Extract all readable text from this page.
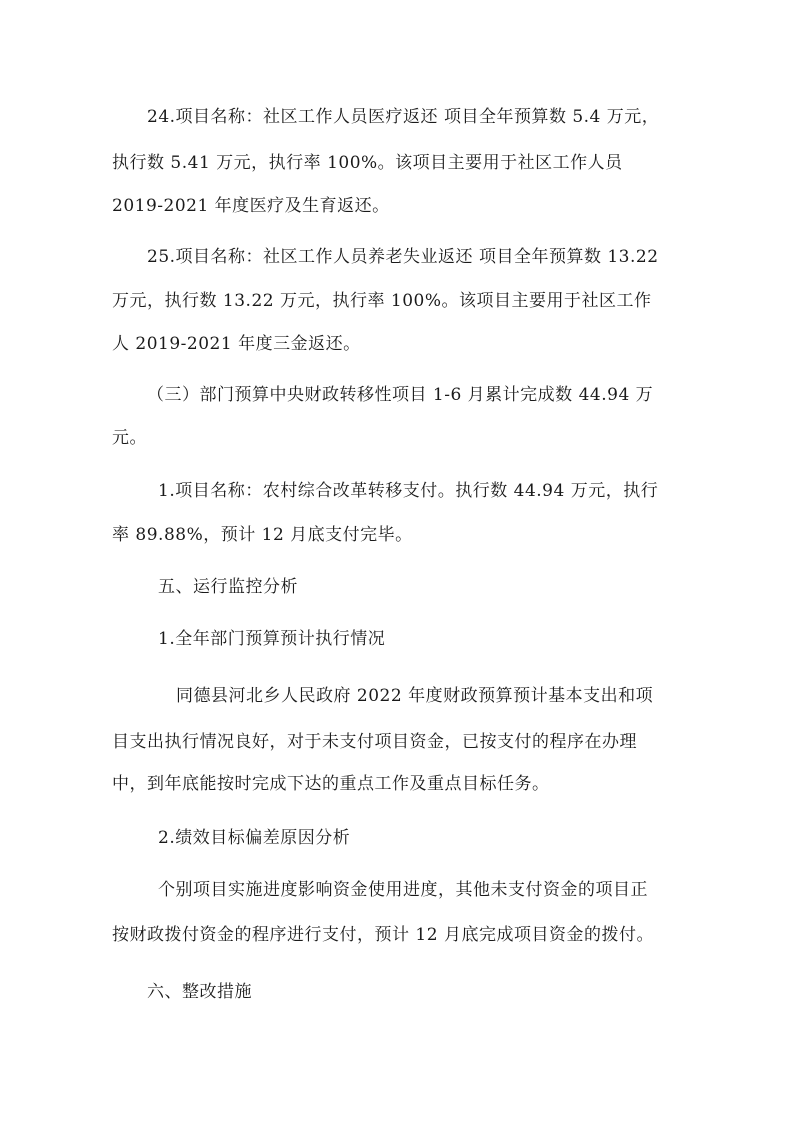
24.项目名称：社区工作人员医疗返还 项目全年预算数 5.4 万元，
执行数 5.41 万元，执行率 100%。该项目主要用于社区工作人员
2019-2021 年度医疗及生育返还。
25.项目名称：社区工作人员养老失业返还 项目全年预算数 13.22
万元，执行数 13.22 万元，执行率 100%。该项目主要用于社区工作
人 2019-2021 年度三金返还。
（三）部门预算中央财政转移性项目 1-6 月累计完成数 44.94 万
元。
1.项目名称：农村综合改革转移支付。执行数 44.94 万元，执行
率 89.88%，预计 12 月底支付完毕。
五、运行监控分析
1.全年部门预算预计执行情况
同德县河北乡人民政府 2022 年度财政预算预计基本支出和项
目支出执行情况良好，对于未支付项目资金，已按支付的程序在办理
中，到年底能按时完成下达的重点工作及重点目标任务。
2.绩效目标偏差原因分析
个别项目实施进度影响资金使用进度，其他未支付资金的项目正
按财政拨付资金的程序进行支付，预计 12 月底完成项目资金的拨付。
六、整改措施
